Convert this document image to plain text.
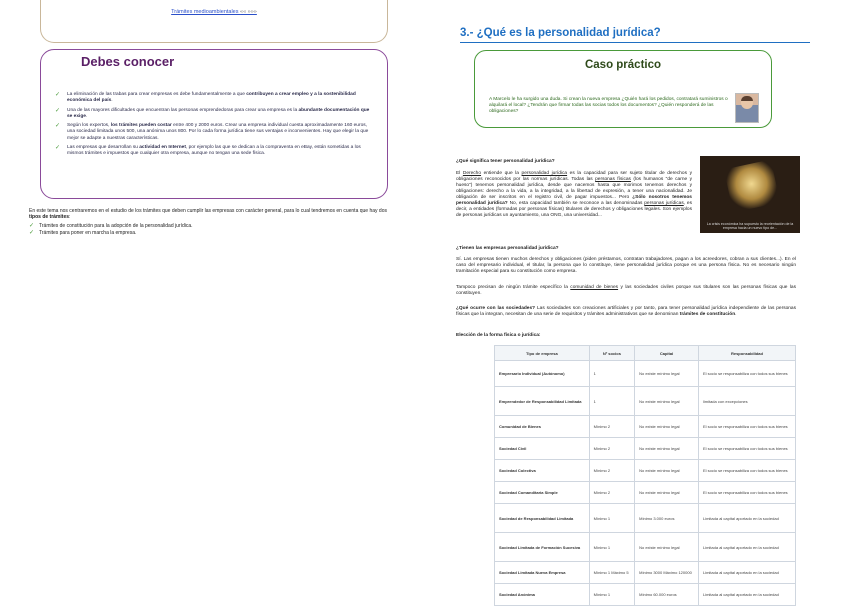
Trámites medioambientales «« »»»
Debes conocer
✓ La eliminación de las trabas para crear empresas es debe fundamentalmente a que contribuyen a crear empleo y a la sostenibilidad económica del país.
✓ Una de las mayores dificultades que encuentran las personas emprendedoras para crear una empresa es la abundante documentación que se exige.
✓ Según los expertos, los trámites pueden costar entre 400 y 2000 euros. Crear una empresa individual cuesta aproximadamente 160 euros, una sociedad limitada unos 500, una anónima unos 800. Por lo cada forma jurídica tiene sus ventajas e inconvenientes. Hay que elegir la que mejor se adapte a nuestras características.
✓ Las empresas que desarrollan su actividad en Internet, por ejemplo las que se dedican a la compraventa en eBay, están sometidas a los mismos trámites e impuestos que cualquier otra empresa, aunque no tengan una sede física.

En este tema nos centraremos en el estudio de los trámites que deben cumplir las empresas con carácter general, para lo cual tendremos en cuenta que hay dos tipos de trámites:

✓ Trámites de constitución para la adopción de la personalidad jurídica.
✓ Trámites para poner en marcha la empresa.
3.- ¿Qué es la personalidad jurídica?
Caso práctico
A Marcelo le ha surgido una duda. Si crean la nueva empresa ¿Quién hará los pedidos, contratará suministros o alquilará el local? ¿Tendrán que firmar todas las socias todos los documentos? ¿Quién responderá de las obligaciones?
La crisis económica ha supuesto la reorientación de la empresa hacia un nuevo tipo de...
¿Qué significa tener personalidad jurídica?
El Derecho entiende que la personalidad jurídica es la capacidad para ser sujeto titular de derechos y obligaciones reconocidos por las normas jurídicas. Todas las personas físicas (los humanos "de carne y hueso") tenemos personalidad jurídica, desde que nacemos hasta que morimos tenemos derechos y obligaciones: derecho a la vida, a la integridad, a la libertad de expresión, a tener una nacionalidad. Je obligación de ser inscritos en el registro civil, de pagar impuestos... Pero ¿Sólo nosotros tenemos personalidad jurídica? No, esta capacidad también se reconoce a las denominadas personas jurídicas, es decir, a entidades (formadas por personas físicas) titulares de derechos y obligaciones legales. Son ejemplos de personas jurídicas un ayuntamiento, una ONG, una universidad...
¿Tienen las empresas personalidad jurídica?
Sí. Las empresas tienen muchos derechos y obligaciones (piden préstamos, contratan trabajadores, pagan a los acreedores, cobran a sus clientes...). En el caso del empresario individual, el titular, la persona que lo constituye, tiene personalidad jurídica porque es una persona física. No es necesario ningún tramitación especial para su constitución como empresa.
Tampoco precisan de ningún trámite específico la comunidad de bienes y las sociedades civiles porque sus titulares son las personas físicas que las constituyen.
¿Qué ocurre con las sociedades? Las sociedades son creaciones artificiales y por tanto, para tener personalidad jurídica independiente de las personas físicas que la integran, necesitan de una serie de requisitos y trámites administrativos que se denominan trámites de constitución.
Elección de la forma física o jurídica:
Tipo de empresa	Nº socios	Capital	Responsabilidad
Empresario Individual (Autónomo)	1	No existe mínimo legal	El socio se responsabiliza con todos sus bienes
Emprendedor de Responsabilidad Limitada	1	No existe mínimo legal	limitada con excepciones
Comunidad de Bienes	Mínimo 2	No existe mínimo legal	El socio se responsabiliza con todos sus bienes
Sociedad Civil	Mínimo 2	No existe mínimo legal	El socio se responsabiliza con todos sus bienes
Sociedad Colectiva	Mínimo 2	No existe mínimo legal	El socio se responsabiliza con todos sus bienes
Sociedad Comanditaria Simple	Mínimo 2	No existe mínimo legal	El socio se responsabiliza con todos sus bienes
Sociedad de Responsabilidad Limitada	Mínimo 1	Mínimo 3.000 euros	Limitada al capital aportado en la sociedad
Sociedad Limitada de Formación Sucesiva	Mínimo 1	No existe mínimo legal	Limitada al capital aportado en la sociedad
Sociedad Limitada Nueva Empresa	Mínimo 1 Máximo 5	Mínimo 3000 Máximo 120000	Limitada al capital aportado en la sociedad
Sociedad Anónima	Mínimo 1	Mínimo 60.000 euros	Limitada al capital aportado en la sociedad
